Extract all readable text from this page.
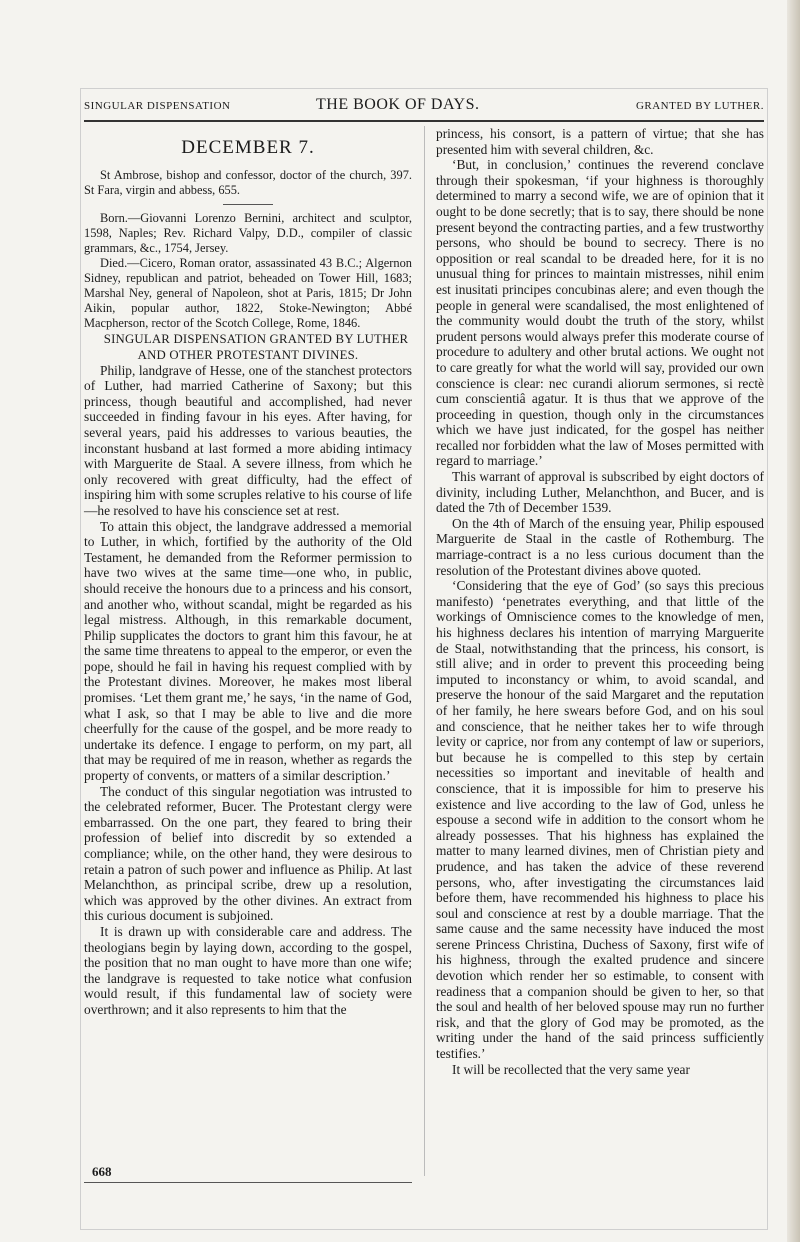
SINGULAR DISPENSATION	THE BOOK OF DAYS.	GRANTED BY LUTHER.
DECEMBER 7.

St Ambrose, bishop and confessor, doctor of the church, 397. St Fara, virgin and abbess, 655.

Born.—Giovanni Lorenzo Bernini, architect and sculptor, 1598, Naples; Rev. Richard Valpy, D.D., compiler of classic grammars, &c., 1754, Jersey.

Died.—Cicero, Roman orator, assassinated 43 B.C.; Algernon Sidney, republican and patriot, beheaded on Tower Hill, 1683; Marshal Ney, general of Napoleon, shot at Paris, 1815; Dr John Aikin, popular author, 1822, Stoke-Newington; Abbé Macpherson, rector of the Scotch College, Rome, 1846.

SINGULAR DISPENSATION GRANTED BY LUTHER AND OTHER PROTESTANT DIVINES.

Philip, landgrave of Hesse, one of the stanchest protectors of Luther, had married Catherine of Saxony; but this princess, though beautiful and accomplished, had never succeeded in finding favour in his eyes. After having, for several years, paid his addresses to various beauties, the inconstant husband at last formed a more abiding intimacy with Marguerite de Staal. A severe illness, from which he only recovered with great difficulty, had the effect of inspiring him with some scruples relative to his course of life—he resolved to have his conscience set at rest.

To attain this object, the landgrave addressed a memorial to Luther, in which, fortified by the authority of the Old Testament, he demanded from the Reformer permission to have two wives at the same time—one who, in public, should receive the honours due to a princess and his consort, and another who, without scandal, might be regarded as his legal mistress. Although, in this remarkable document, Philip supplicates the doctors to grant him this favour, he at the same time threatens to appeal to the emperor, or even the pope, should he fail in having his request complied with by the Protestant divines. Moreover, he makes most liberal promises. ‘Let them grant me,’ he says, ‘in the name of God, what I ask, so that I may be able to live and die more cheerfully for the cause of the gospel, and be more ready to undertake its defence. I engage to perform, on my part, all that may be required of me in reason, whether as regards the property of convents, or matters of a similar description.’

The conduct of this singular negotiation was intrusted to the celebrated reformer, Bucer. The Protestant clergy were embarrassed. On the one part, they feared to bring their profession of belief into discredit by so extended a compliance; while, on the other hand, they were desirous to retain a patron of such power and influence as Philip. At last Melanchthon, as principal scribe, drew up a resolution, which was approved by the other divines. An extract from this curious document is subjoined.

It is drawn up with considerable care and address. The theologians begin by laying down, according to the gospel, the position that no man ought to have more than one wife; the landgrave is requested to take notice what confusion would result, if this fundamental law of society were overthrown; and it also represents to him that the

668

princess, his consort, is a pattern of virtue; that she has presented him with several children, &c.

‘But, in conclusion,’ continues the reverend conclave through their spokesman, ‘if your highness is thoroughly determined to marry a second wife, we are of opinion that it ought to be done secretly; that is to say, there should be none present beyond the contracting parties, and a few trustworthy persons, who should be bound to secrecy. There is no opposition or real scandal to be dreaded here, for it is no unusual thing for princes to maintain mistresses, nihil enim est inusitati principes concubinas alere; and even though the people in general were scandalised, the most enlightened of the community would doubt the truth of the story, whilst prudent persons would always prefer this moderate course of procedure to adultery and other brutal actions. We ought not to care greatly for what the world will say, provided our own conscience is clear: nec curandi aliorum sermones, si rectè cum conscientiâ agatur. It is thus that we approve of the proceeding in question, though only in the circumstances which we have just indicated, for the gospel has neither recalled nor forbidden what the law of Moses permitted with regard to marriage.’

This warrant of approval is subscribed by eight doctors of divinity, including Luther, Melanchthon, and Bucer, and is dated the 7th of December 1539.

On the 4th of March of the ensuing year, Philip espoused Marguerite de Staal in the castle of Rothemburg. The marriage-contract is a no less curious document than the resolution of the Protestant divines above quoted.

‘Considering that the eye of God’ (so says this precious manifesto) ‘penetrates everything, and that little of the workings of Omniscience comes to the knowledge of men, his highness declares his intention of marrying Marguerite de Staal, notwithstanding that the princess, his consort, is still alive; and in order to prevent this proceeding being imputed to inconstancy or whim, to avoid scandal, and preserve the honour of the said Margaret and the reputation of her family, he here swears before God, and on his soul and conscience, that he neither takes her to wife through levity or caprice, nor from any contempt of law or superiors, but because he is compelled to this step by certain necessities so important and inevitable of health and conscience, that it is impossible for him to preserve his existence and live according to the law of God, unless he espouse a second wife in addition to the consort whom he already possesses. That his highness has explained the matter to many learned divines, men of Christian piety and prudence, and has taken the advice of these reverend persons, who, after investigating the circumstances laid before them, have recommended his highness to place his soul and conscience at rest by a double marriage. That the same cause and the same necessity have induced the most serene Princess Christina, Duchess of Saxony, first wife of his highness, through the exalted prudence and sincere devotion which render her so estimable, to consent with readiness that a companion should be given to her, so that the soul and health of her beloved spouse may run no further risk, and that the glory of God may be promoted, as the writing under the hand of the said princess sufficiently testifies.’

It will be recollected that the very same year
